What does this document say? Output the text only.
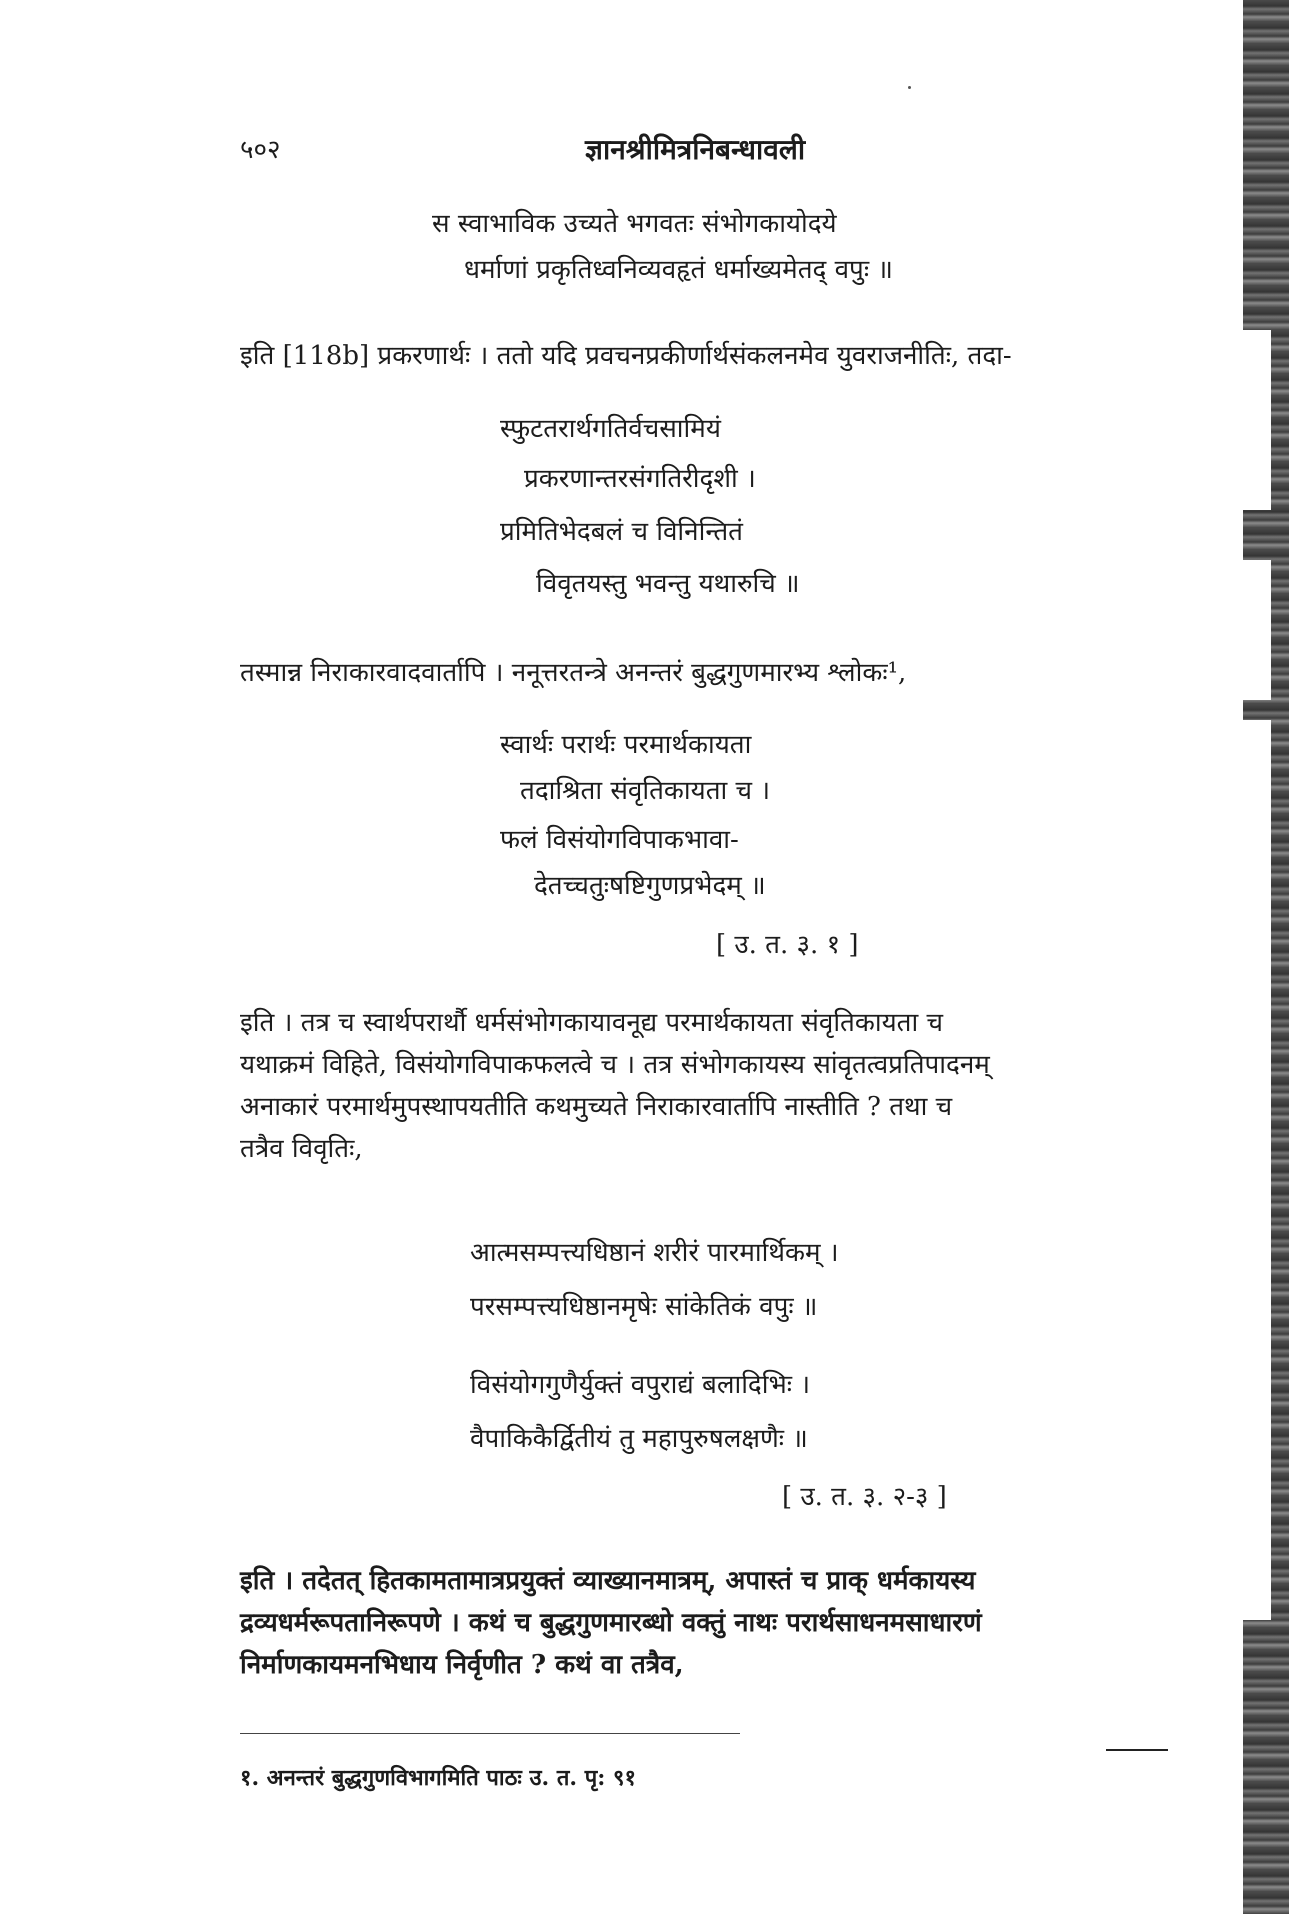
५०२	ज्ञानश्रीमित्रनिबन्धावली
स स्वाभाविक उच्यते भगवतः संभोगकायोदये
धर्माणां प्रकृतिध्वनिव्यवहृतं धर्माख्यमेतद् वपुः ॥
इति [118b] प्रकरणार्थः । ततो यदि प्रवचनप्रकीर्णार्थसंकलनमेव युवराजनीतिः, तदा-
स्फुटतरार्थगतिर्वचसामियं
प्रकरणान्तरसंगतिरीदृशी ।
प्रमितिभेदबलं च विनिन्तितं
विवृतयस्तु भवन्तु यथारुचि ॥
तस्मान्न निराकारवादवार्तापि । ननूत्तरतन्त्रे अनन्तरं बुद्धगुणमारभ्य श्लोकः¹,
स्वार्थः परार्थः परमार्थकायता
तदाश्रिता संवृतिकायता च ।
फलं विसंयोगविपाकभावा-
देतच्चतुःषष्टिगुणप्रभेदम् ॥
[ उ. त. ३. १ ]
इति । तत्र च स्वार्थपरार्थौ धर्मसंभोगकायावनूद्य परमार्थकायता संवृतिकायता च
यथाक्रमं विहिते, विसंयोगविपाकफलत्वे च । तत्र संभोगकायस्य सांवृतत्वप्रतिपादनम्
अनाकारं परमार्थमुपस्थापयतीति कथमुच्यते निराकारवार्तापि नास्तीति ? तथा च
तत्रैव विवृतिः,
आत्मसम्पत्त्यधिष्ठानं शरीरं पारमार्थिकम् ।
परसम्पत्त्यधिष्ठानमृषेः सांकेतिकं वपुः ॥
विसंयोगगुणैर्युक्तं वपुराद्यं बलादिभिः ।
वैपाकिकैर्द्वितीयं तु महापुरुषलक्षणैः ॥
[ उ. त. ३. २-३ ]
इति । तदेतत् हितकामतामात्रप्रयुक्तं व्याख्यानमात्रम्, अपास्तं च प्राक् धर्मकायस्य
द्रव्यधर्मरूपतानिरूपणे । कथं च बुद्धगुणमारब्धो वक्तुं नाथः परार्थसाधनमसाधारणं
निर्माणकायमनभिधाय निर्वृणीत ? कथं वा तत्रैव,
१. अनन्तरं बुद्धगुणविभागमिति पाठः उ. त. पृ: ९१
